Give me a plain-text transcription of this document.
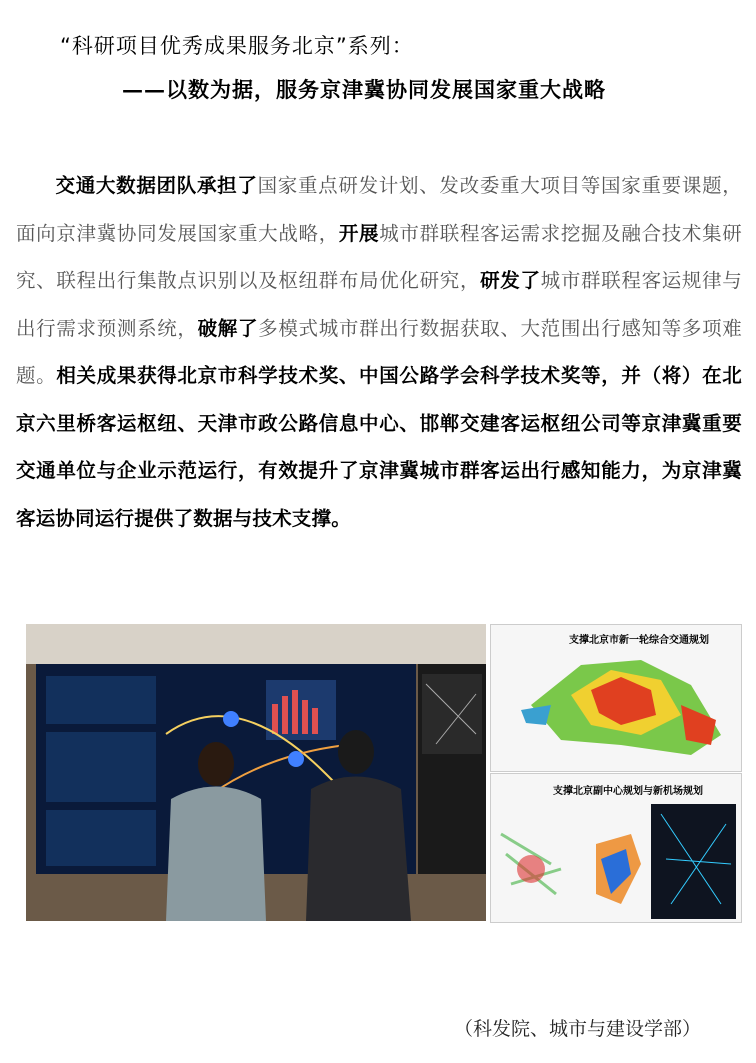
“科研项目优秀成果服务北京”系列：
——以数为据，服务京津冀协同发展国家重大战略
交通大数据团队承担了国家重点研发计划、发改委重大项目等国家重要课题，面向京津冀协同发展国家重大战略，开展城市群联程客运需求挖掘及融合技术集研究、联程出行集散点识别以及枢纽群布局优化研究，研发了城市群联程客运规律与出行需求预测系统，破解了多模式城市群出行数据获取、大范围出行感知等多项难题。相关成果获得北京市科学技术奖、中国公路学会科学技术奖等，并（将）在北京六里桥客运枢纽、天津市政公路信息中心、邯郸交建客运枢纽公司等京津冀重要交通单位与企业示范运行，有效提升了京津冀城市群客运出行感知能力，为京津冀客运协同运行提供了数据与技术支撑。
支撑北京市新一轮综合交通规划
支撑北京副中心规划与新机场规划
（科发院、城市与建设学部）
